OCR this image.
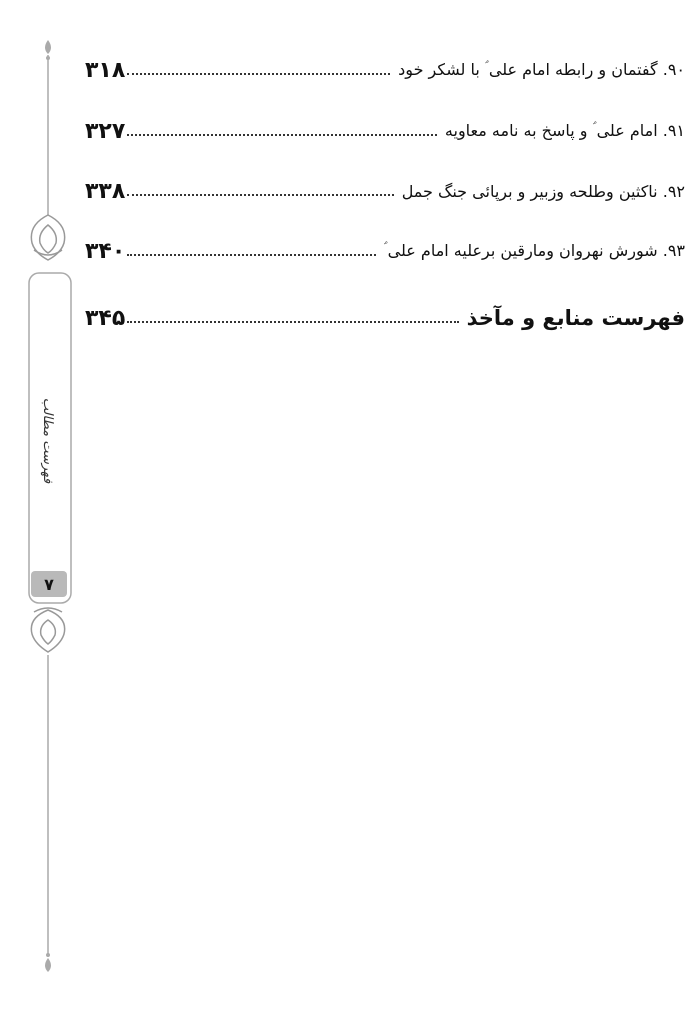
فهرست مطالب
۷
۳۱۸	۹۰. گفتمان و رابطه امام علی ؑ با لشکر خود
۳۲۷	۹۱. امام علی ؑ و پاسخ به نامه معاویه
۳۳۸	۹۲. ناکثین وطلحه وزبیر و برپائی جنگ جمل
۳۴۰	۹۳. شورش نهروان ومارقین برعلیه امام علی ؑ
۳۴۵	فهرست منابع و مآخذ
